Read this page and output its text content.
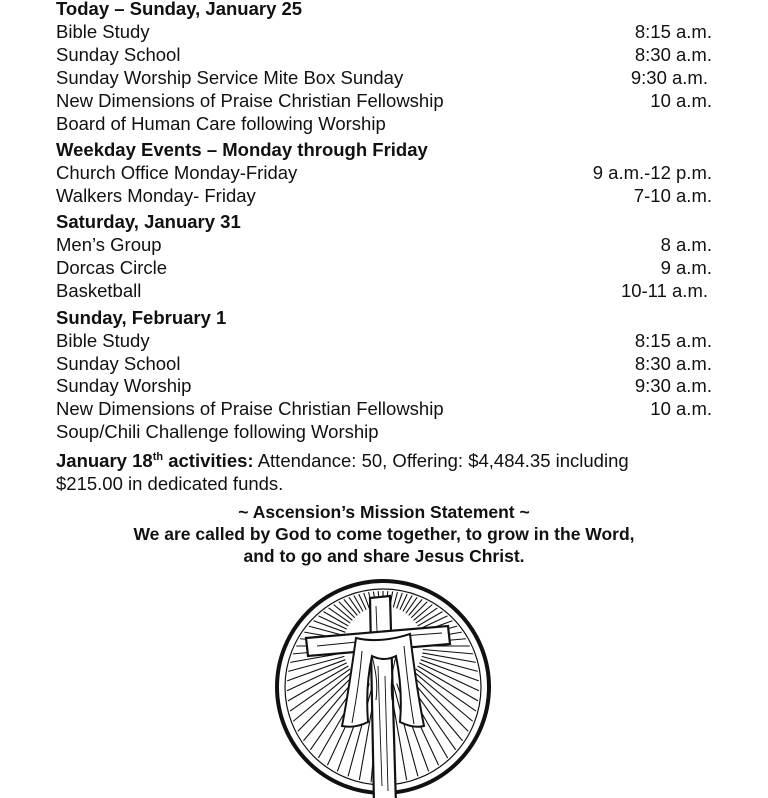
Today – Sunday, January 25
Bible Study	8:15 a.m.
Sunday School	8:30 a.m.
Sunday Worship Service Mite Box Sunday	9:30 a.m.
New Dimensions of Praise Christian Fellowship	10 a.m.
Board of Human Care following Worship
Weekday Events – Monday through Friday
Church Office Monday-Friday	9 a.m.-12 p.m.
Walkers Monday- Friday	7-10 a.m.
Saturday, January 31
Men’s Group	8 a.m.
Dorcas Circle	9 a.m.
Basketball	10-11 a.m.
Sunday, February 1
Bible Study	8:15 a.m.
Sunday School	8:30 a.m.
Sunday Worship	9:30 a.m.
New Dimensions of Praise Christian Fellowship	10 a.m.
Soup/Chili Challenge following Worship
January 18th activities: Attendance: 50, Offering: $4,484.35 including
$215.00 in dedicated funds.
~ Ascension’s Mission Statement ~
We are called by God to come together, to grow in the Word,
and to go and share Jesus Christ.
